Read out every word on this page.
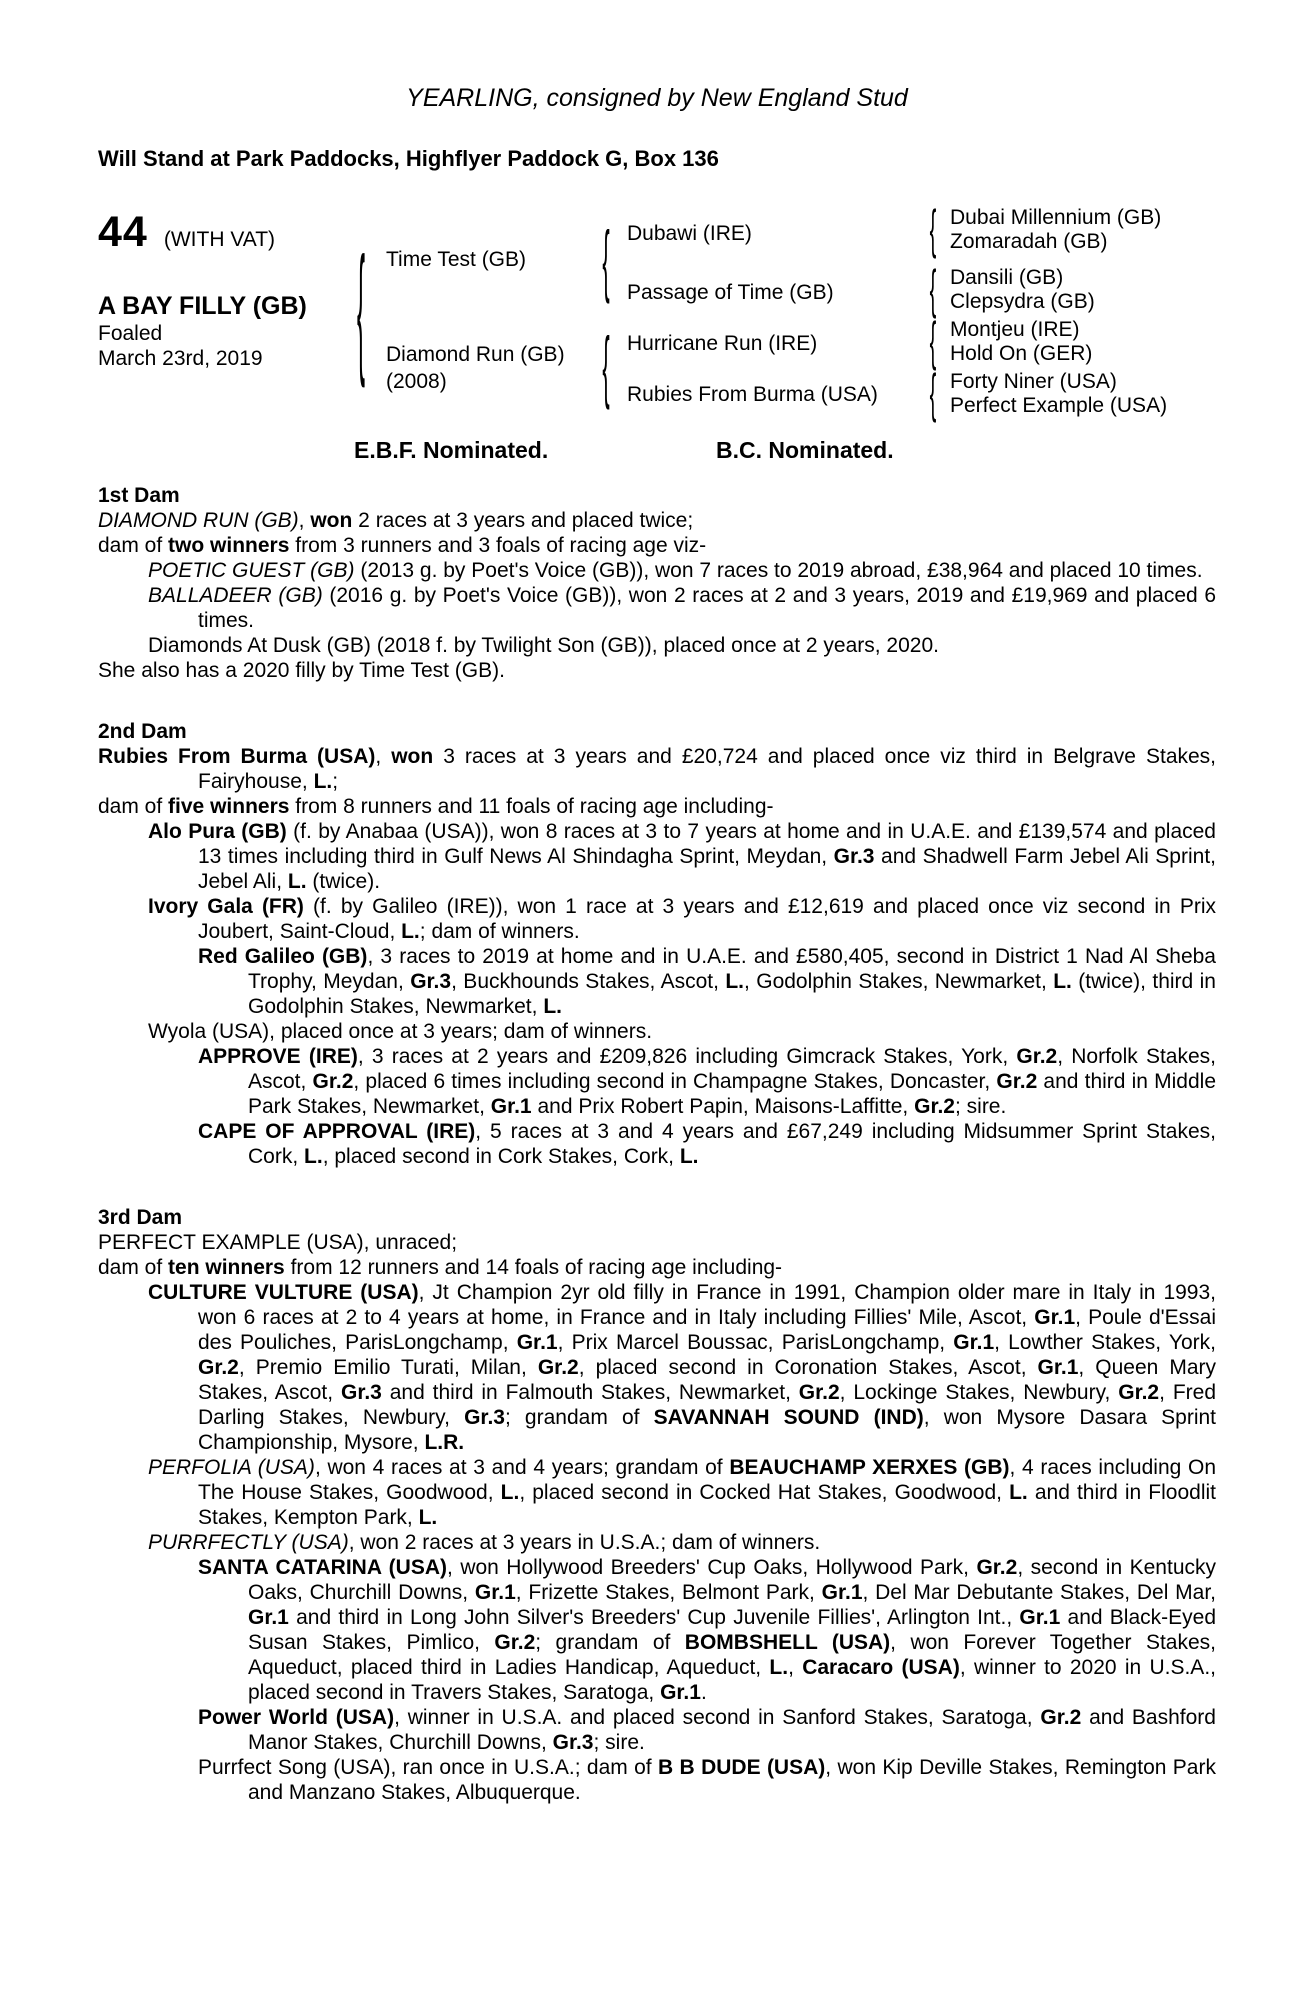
YEARLING, consigned by New England Stud
Will Stand at Park Paddocks, Highflyer Paddock G, Box 136
44 (WITH VAT)
A BAY FILLY (GB)
Foaled
March 23rd, 2019 { Time Test (GB)
Diamond Run (GB)
(2008)
{
{
Dubawi (IRE)
Passage of Time (GB)
Hurricane Run (IRE)
Rubies From Burma (USA)
{
{
{
{
Dubai Millennium (GB)
Zomaradah (GB)
Dansili (GB)
Clepsydra (GB)
Montjeu (IRE)
Hold On (GER)
Forty Niner (USA)
Perfect Example (USA)
E.B.F. Nominated.	B.C. Nominated.
1st Dam
DIAMOND RUN (GB), won 2 races at 3 years and placed twice;
dam of two winners from 3 runners and 3 foals of racing age viz-
POETIC GUEST (GB) (2013 g. by Poet's Voice (GB)), won 7 races to 2019 abroad, £38,964 and placed 10 times.
BALLADEER (GB) (2016 g. by Poet's Voice (GB)), won 2 races at 2 and 3 years, 2019 and £19,969 and placed 6 times.
Diamonds At Dusk (GB) (2018 f. by Twilight Son (GB)), placed once at 2 years, 2020.
She also has a 2020 filly by Time Test (GB).
2nd Dam
Rubies From Burma (USA), won 3 races at 3 years and £20,724 and placed once viz third in Belgrave Stakes, Fairyhouse, L.;
dam of five winners from 8 runners and 11 foals of racing age including-
Alo Pura (GB) (f. by Anabaa (USA)), won 8 races at 3 to 7 years at home and in U.A.E. and £139,574 and placed 13 times including third in Gulf News Al Shindagha Sprint, Meydan, Gr.3 and Shadwell Farm Jebel Ali Sprint, Jebel Ali, L. (twice).
Ivory Gala (FR) (f. by Galileo (IRE)), won 1 race at 3 years and £12,619 and placed once viz second in Prix Joubert, Saint-Cloud, L.; dam of winners.
Red Galileo (GB), 3 races to 2019 at home and in U.A.E. and £580,405, second in District 1 Nad Al Sheba Trophy, Meydan, Gr.3, Buckhounds Stakes, Ascot, L., Godolphin Stakes, Newmarket, L. (twice), third in Godolphin Stakes, Newmarket, L.
Wyola (USA), placed once at 3 years; dam of winners.
APPROVE (IRE), 3 races at 2 years and £209,826 including Gimcrack Stakes, York, Gr.2, Norfolk Stakes, Ascot, Gr.2, placed 6 times including second in Champagne Stakes, Doncaster, Gr.2 and third in Middle Park Stakes, Newmarket, Gr.1 and Prix Robert Papin, Maisons-Laffitte, Gr.2; sire.
CAPE OF APPROVAL (IRE), 5 races at 3 and 4 years and £67,249 including Midsummer Sprint Stakes, Cork, L., placed second in Cork Stakes, Cork, L.
3rd Dam
PERFECT EXAMPLE (USA), unraced;
dam of ten winners from 12 runners and 14 foals of racing age including-
CULTURE VULTURE (USA), Jt Champion 2yr old filly in France in 1991, Champion older mare in Italy in 1993, won 6 races at 2 to 4 years at home, in France and in Italy including Fillies' Mile, Ascot, Gr.1, Poule d'Essai des Pouliches, ParisLongchamp, Gr.1, Prix Marcel Boussac, ParisLongchamp, Gr.1, Lowther Stakes, York, Gr.2, Premio Emilio Turati, Milan, Gr.2, placed second in Coronation Stakes, Ascot, Gr.1, Queen Mary Stakes, Ascot, Gr.3 and third in Falmouth Stakes, Newmarket, Gr.2, Lockinge Stakes, Newbury, Gr.2, Fred Darling Stakes, Newbury, Gr.3; grandam of SAVANNAH SOUND (IND), won Mysore Dasara Sprint Championship, Mysore, L.R.
PERFOLIA (USA), won 4 races at 3 and 4 years; grandam of BEAUCHAMP XERXES (GB), 4 races including On The House Stakes, Goodwood, L., placed second in Cocked Hat Stakes, Goodwood, L. and third in Floodlit Stakes, Kempton Park, L.
PURRFECTLY (USA), won 2 races at 3 years in U.S.A.; dam of winners.
SANTA CATARINA (USA), won Hollywood Breeders' Cup Oaks, Hollywood Park, Gr.2, second in Kentucky Oaks, Churchill Downs, Gr.1, Frizette Stakes, Belmont Park, Gr.1, Del Mar Debutante Stakes, Del Mar, Gr.1 and third in Long John Silver's Breeders' Cup Juvenile Fillies', Arlington Int., Gr.1 and Black-Eyed Susan Stakes, Pimlico, Gr.2; grandam of BOMBSHELL (USA), won Forever Together Stakes, Aqueduct, placed third in Ladies Handicap, Aqueduct, L., Caracaro (USA), winner to 2020 in U.S.A., placed second in Travers Stakes, Saratoga, Gr.1.
Power World (USA), winner in U.S.A. and placed second in Sanford Stakes, Saratoga, Gr.2 and Bashford Manor Stakes, Churchill Downs, Gr.3; sire.
Purrfect Song (USA), ran once in U.S.A.; dam of B B DUDE (USA), won Kip Deville Stakes, Remington Park and Manzano Stakes, Albuquerque.
